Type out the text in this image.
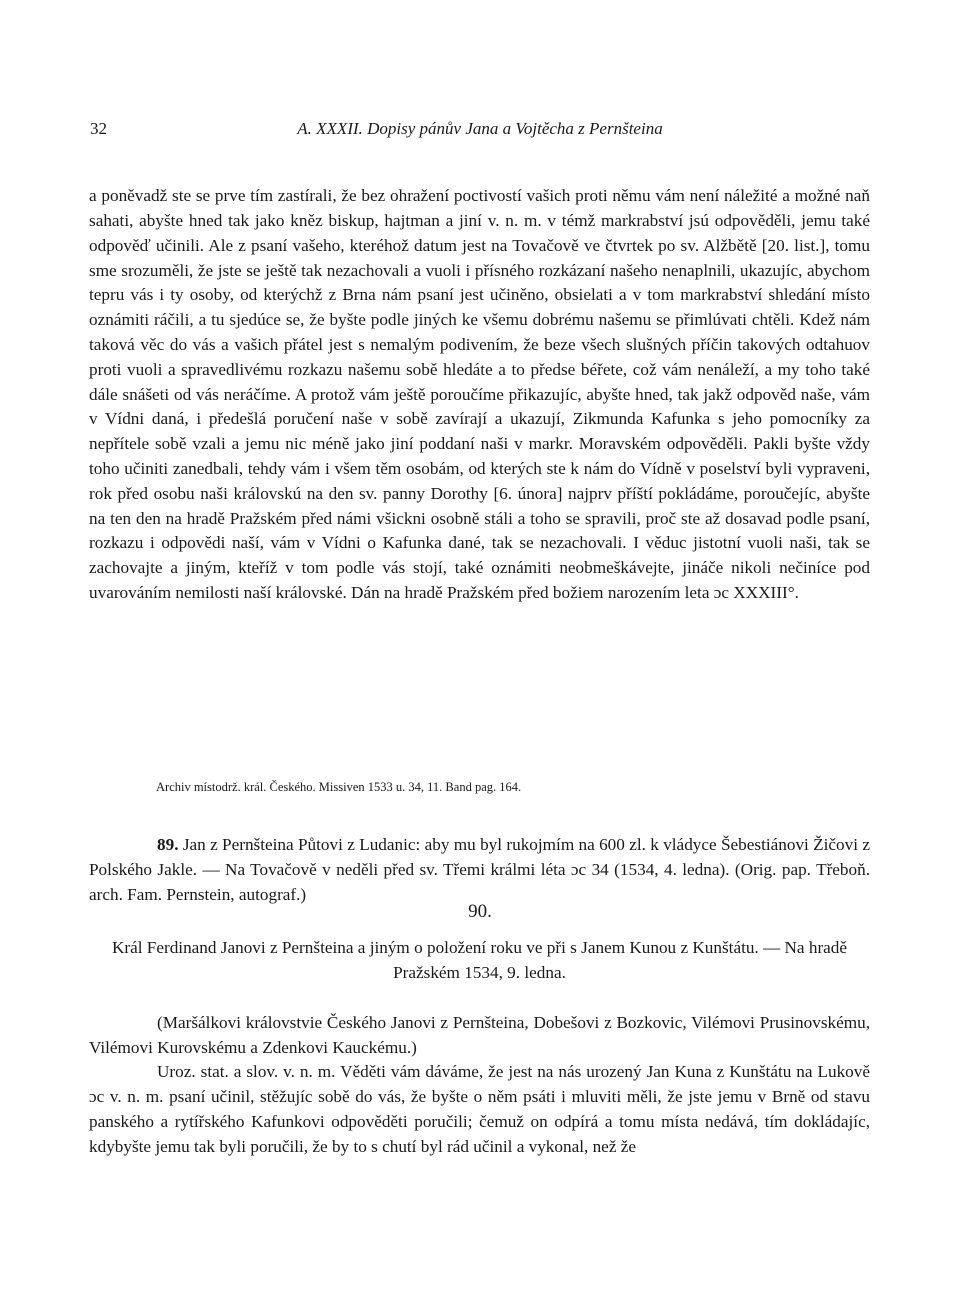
32	A. XXXII. Dopisy pánův Jana a Vojtěcha z Pernšteina

a poněvadž ste se prve tím zastírali, že bez ohražení poctivostí vašich proti němu vám není náležité a možné naň sahati, abyšte hned tak jako kněz biskup, hajtman a jiní v. n. m. v témž markrabství jsú odpověděli, jemu také odpověď učinili. Ale z psaní vašeho, kteréhož datum jest na Tovačově ve čtvrtek po sv. Alžbětě [20. list.], tomu sme srozuměli, že jste se ještě tak nezachovali a vuoli i přísného rozkázaní našeho nenaplnili, ukazujíc, abychom tepru vás i ty osoby, od kterýchž z Brna nám psaní jest učiněno, obsielati a v tom markrabství shledání místo oznámiti ráčili, a tu sjedúce se, že byšte podle jiných ke všemu dobrému našemu se přimlúvati chtěli. Kdež nám taková věc do vás a vašich přátel jest s nemalým podivením, že beze všech slušných příčin takových odtahuov proti vuoli a spravedlivému rozkazu našemu sobě hledáte a to předse béřete, což vám nenáleží, a my toho také dále snášeti od vás neráčíme. A protož vám ještě poroučíme přikazujíc, abyšte hned, tak jakž odpověd naše, vám v Vídni daná, i předešlá poručení naše v sobě zavírají a ukazují, Zikmunda Kafunka s jeho pomocníky za nepřítele sobě vzali a jemu nic méně jako jiní poddaní naši v markr. Moravském odpověděli. Pakli byšte vždy toho učiniti zanedbali, tehdy vám i všem těm osobám, od kterých ste k nám do Vídně v poselství byli vypraveni, rok před osobu naši královskú na den sv. panny Dorothy [6. února] najprv příští pokládáme, poroučejíc, abyšte na ten den na hradě Pražském před námi všickni osobně stáli a toho se spravili, proč ste až dosavad podle psaní, rozkazu i odpovědi naší, vám v Vídni o Kafunka dané, tak se nezachovali. I věduc jistotní vuoli naši, tak se zachovajte a jiným, kteříž v tom podle vás stojí, také oznámiti neobmeškávejte, jináče nikoli nečiníce pod uvarováním nemilosti naší královské. Dán na hradě Pražském před božiem narozením leta ɔc XXXIII°.

Archiv místodrž. král. Českého. Missiven 1533 u. 34, 11. Band pag. 164.

89. Jan z Pernšteina Půtovi z Ludanic: aby mu byl rukojmím na 600 zl. k vládyce Šebestiánovi Žičovi z Polského Jakle. — Na Tovačově v neděli před sv. Třemi králmi léta ɔc 34 (1534, 4. ledna). (Orig. pap. Třeboň. arch. Fam. Pernstein, autograf.)

90.
Král Ferdinand Janovi z Pernšteina a jiným o položení roku ve při s Janem Kunou z Kunštátu. — Na hradě Pražském 1534, 9. ledna.

(Maršálkovi královstvie Českého Janovi z Pernšteina, Dobešovi z Bozkovic, Vilémovi Prusinovskému, Vilémovi Kurovskému a Zdenkovi Kauckému.)

Uroz. stat. a slov. v. n. m. Věděti vám dáváme, že jest na nás urozený Jan Kuna z Kunštátu na Lukově ɔc v. n. m. psaní učinil, stěžujíc sobě do vás, že byšte o něm psáti i mluviti měli, že jste jemu v Brně od stavu panského a rytířského Kafunkovi odpověděti poručili; čemuž on odpírá a tomu místa nedává, tím dokládajíc, kdybyšte jemu tak byli poručili, že by to s chutí byl rád učinil a vykonal, než že
